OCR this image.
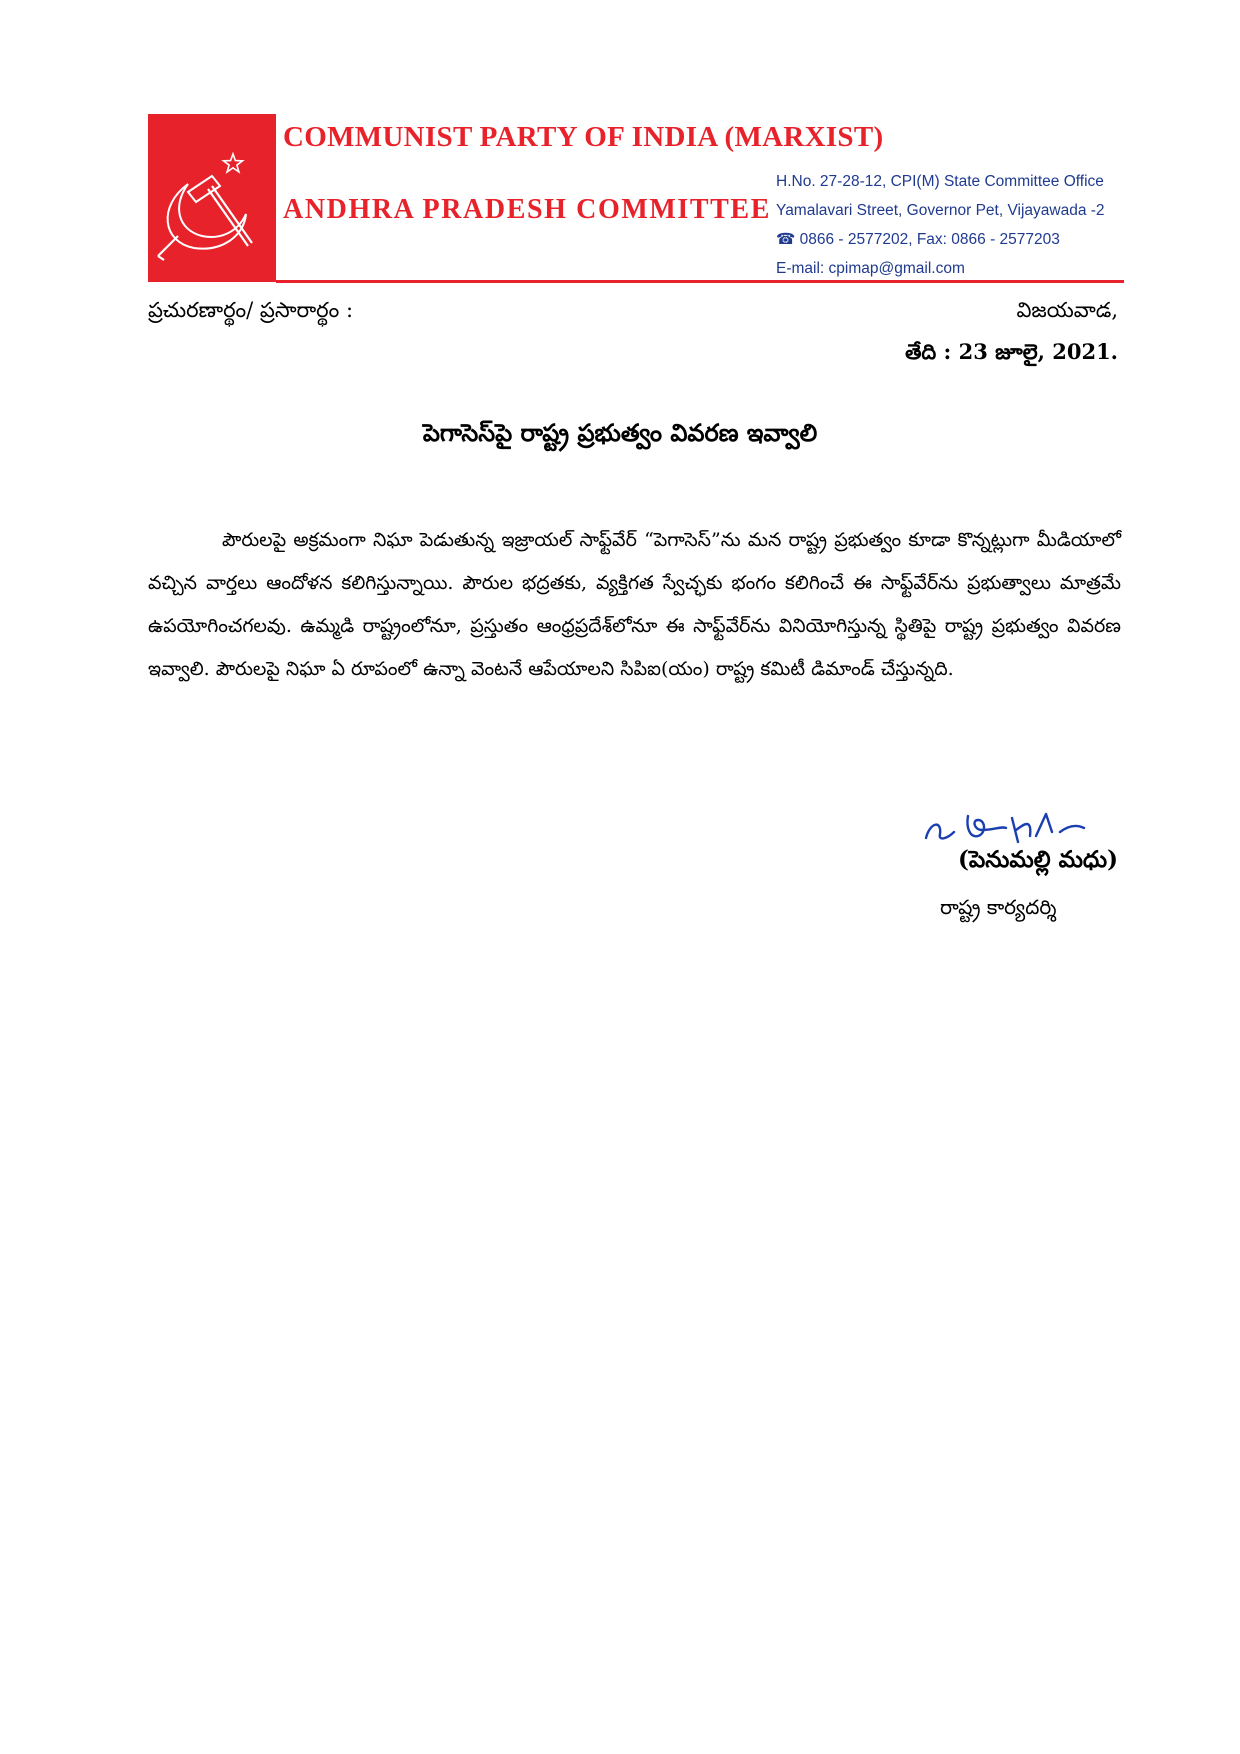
COMMUNIST PARTY OF INDIA (MARXIST)
ANDHRA PRADESH COMMITTEE
H.No. 27-28-12, CPI(M) State Committee Office
Yamalavari Street, Governor Pet, Vijayawada -2
☎ 0866 - 2577202, Fax: 0866 - 2577203
E-mail: cpimap@gmail.com
ప్రచురణార్థం/ ప్రసారార్థం :	విజయవాడ,
తేది : 23 జూలై, 2021.
పెగాసెస్‌పై రాష్ట్ర ప్రభుత్వం వివరణ ఇవ్వాలి

పౌరులపై అక్రమంగా నిఘా పెడుతున్న ఇజ్రాయల్ సాఫ్ట్‌వేర్ “పెగాసెస్”ను మన రాష్ట్ర ప్రభుత్వం కూడా కొన్నట్లుగా మీడియాలో వచ్చిన వార్తలు ఆందోళన కలిగిస్తున్నాయి. పౌరుల భద్రతకు, వ్యక్తిగత స్వేచ్ఛకు భంగం కలిగించే ఈ సాఫ్ట్‌వేర్‌ను ప్రభుత్వాలు మాత్రమే ఉపయోగించగలవు. ఉమ్మడి రాష్ట్రంలోనూ, ప్రస్తుతం ఆంధ్రప్రదేశ్‌లోనూ ఈ సాఫ్ట్‌వేర్‌ను వినియోగిస్తున్న స్థితిపై రాష్ట్ర ప్రభుత్వం వివరణ ఇవ్వాలి. పౌరులపై నిఘా ఏ రూపంలో ఉన్నా వెంటనే ఆపేయాలని సిపిఐ(యం) రాష్ట్ర కమిటీ డిమాండ్ చేస్తున్నది.

(పెనుమల్లి మధు)
రాష్ట్ర కార్యదర్శి
